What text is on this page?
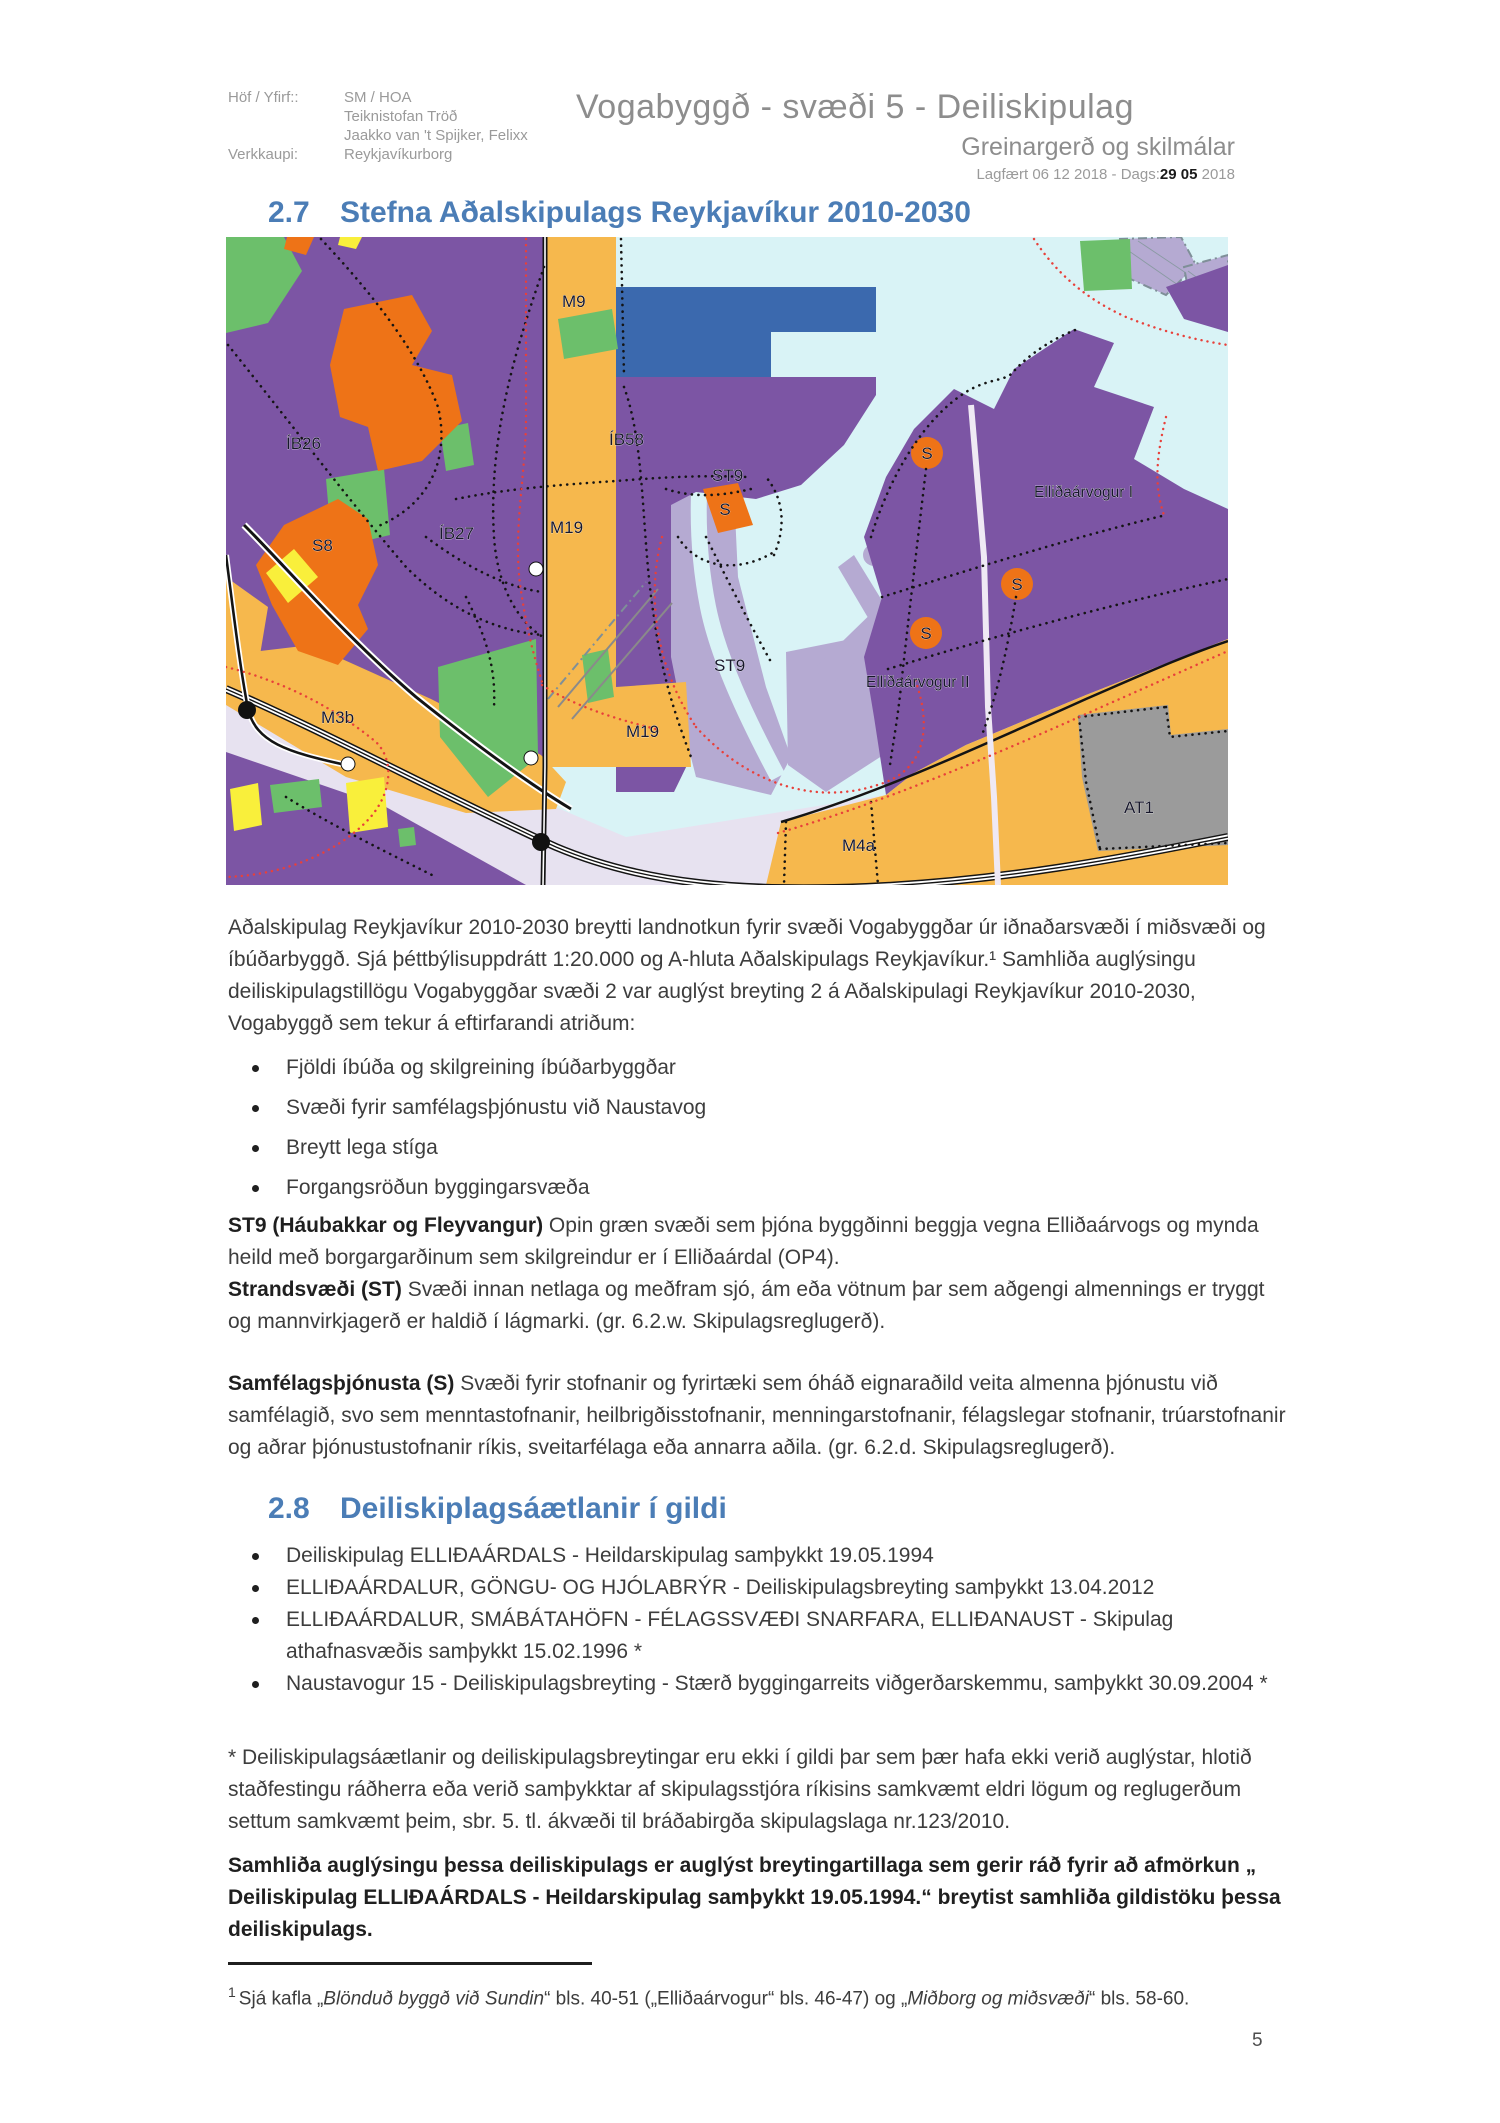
Höf / Yfirf::	SM / HOA
	Teiknistofan Tröð
	Jaakko van 't Spijker, Felixx
Verkkaupi:	Reykjavíkurborg
Vogabyggð - svæði 5 - Deiliskipulag
Greinargerð og skilmálar
Lagfært 06 12 2018 - Dags:29 05 2018
2.7 Stefna Aðalskipulags Reykjavíkur 2010-2030
M9
ÍB26	ÍB58
ST9
S
Elliðaárvogur I
M19
ÍB27
S8
M3b
M19
ST9
S
S
S
Elliðaárvogur II
AT1
M4a
Aðalskipulag Reykjavíkur 2010-2030 breytti landnotkun fyrir svæði Vogabyggðar úr iðnaðarsvæði í miðsvæði og íbúðarbyggð. Sjá þéttbýlisuppdrátt 1:20.000 og A-hluta Aðalskipulags Reykjavíkur.¹ Samhliða auglýsingu deiliskipulagstillögu Vogabyggðar svæði 2 var auglýst breyting 2 á Aðalskipulagi Reykjavíkur 2010-2030, Vogabyggð sem tekur á eftirfarandi atriðum:
Fjöldi íbúða og skilgreining íbúðarbyggðar
Svæði fyrir samfélagsþjónustu við Naustavog
Breytt lega stíga
Forgangsröðun byggingarsvæða
ST9 (Háubakkar og Fleyvangur) Opin græn svæði sem þjóna byggðinni beggja vegna Elliðaárvogs og mynda heild með borgargarðinum sem skilgreindur er í Elliðaárdal (OP4).
Strandsvæði (ST) Svæði innan netlaga og meðfram sjó, ám eða vötnum þar sem aðgengi almennings er tryggt og mannvirkjagerð er haldið í lágmarki. (gr. 6.2.w. Skipulagsreglugerð).
Samfélagsþjónusta (S) Svæði fyrir stofnanir og fyrirtæki sem óháð eignaraðild veita almenna þjónustu við samfélagið, svo sem menntastofnanir, heilbrigðisstofnanir, menningarstofnanir, félagslegar stofnanir, trúarstofnanir og aðrar þjónustustofnanir ríkis, sveitarfélaga eða annarra aðila. (gr. 6.2.d. Skipulagsreglugerð).
2.8 Deiliskiplagsáætlanir í gildi
Deiliskipulag ELLIÐAÁRDALS - Heildarskipulag samþykkt 19.05.1994
ELLIÐAÁRDALUR, GÖNGU- OG HJÓLABRÝR - Deiliskipulagsbreyting samþykkt 13.04.2012
ELLIÐAÁRDALUR, SMÁBÁTAHÖFN - FÉLAGSSVÆÐI SNARFARA, ELLIÐANAUST - Skipulag athafnasvæðis samþykkt 15.02.1996 *
Naustavogur 15 - Deiliskipulagsbreyting - Stærð byggingarreits viðgerðarskemmu, samþykkt 30.09.2004 *
* Deiliskipulagsáætlanir og deiliskipulagsbreytingar eru ekki í gildi þar sem þær hafa ekki verið auglýstar, hlotið staðfestingu ráðherra eða verið samþykktar af skipulagsstjóra ríkisins samkvæmt eldri lögum og reglugerðum settum samkvæmt þeim, sbr. 5. tl. ákvæði til bráðabirgða skipulagslaga nr.123/2010.
Samhliða auglýsingu þessa deiliskipulags er auglýst breytingartillaga sem gerir ráð fyrir að afmörkun „ Deiliskipulag ELLIÐAÁRDALS - Heildarskipulag samþykkt 19.05.1994.“ breytist samhliða gildistöku þessa deiliskipulags.
$^1$ Sjá kafla „Blönduð byggð við Sundin“ bls. 40-51 („Elliðaárvogur“ bls. 46-47) og „Miðborg og miðsvæði“ bls. 58-60.
5
